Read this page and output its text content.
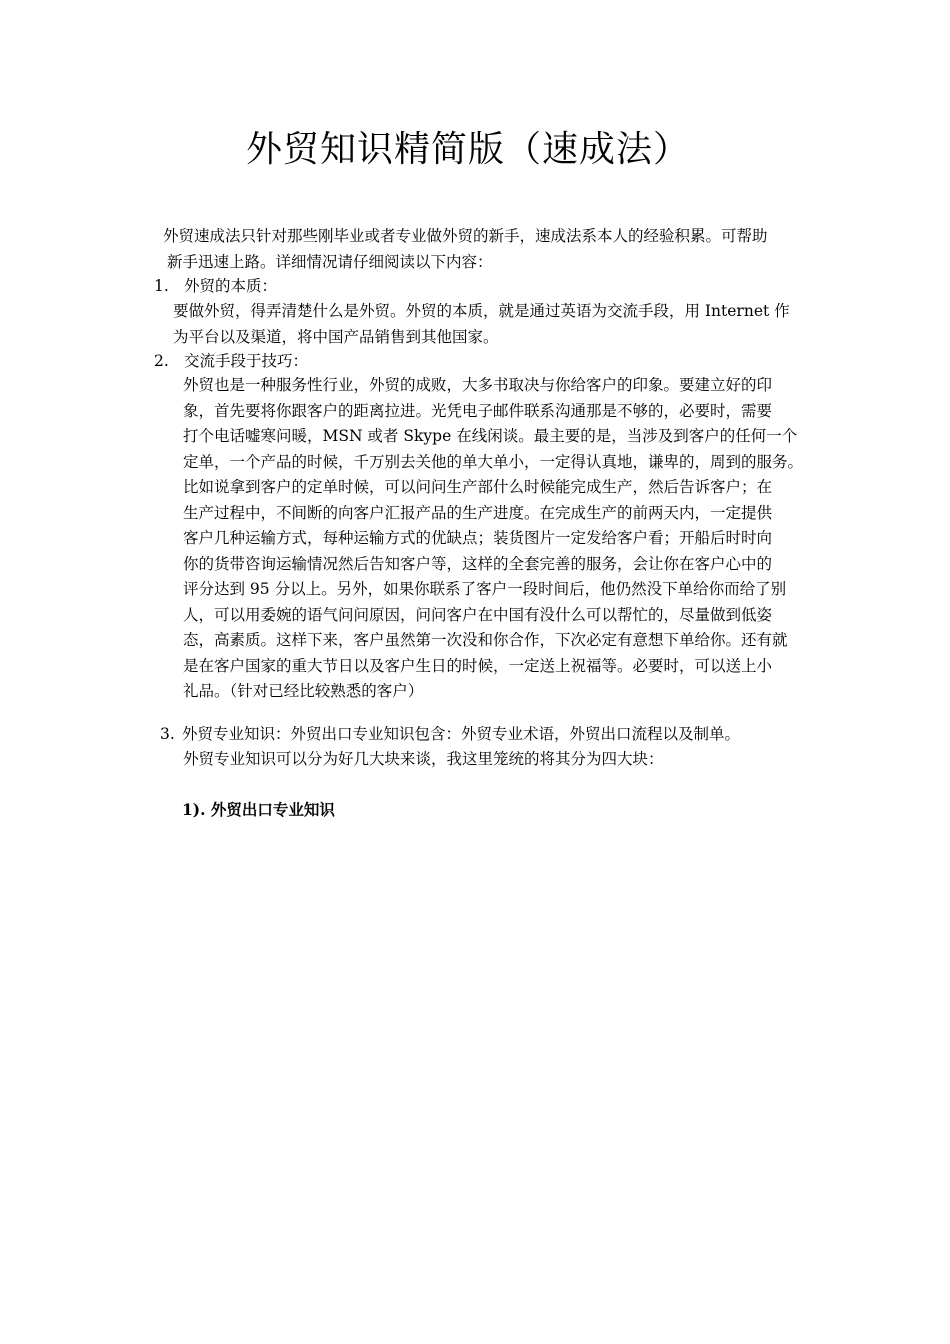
外贸知识精简版（速成法）
外贸速成法只针对那些刚毕业或者专业做外贸的新手，速成法系本人的经验积累。可帮助
新手迅速上路。详细情况请仔细阅读以下内容：
1. 外贸的本质：
要做外贸，得弄清楚什么是外贸。外贸的本质，就是通过英语为交流手段，用 Internet 作
为平台以及渠道，将中国产品销售到其他国家。
2. 交流手段于技巧：
外贸也是一种服务性行业，外贸的成败，大多书取决与你给客户的印象。要建立好的印
象，首先要将你跟客户的距离拉进。光凭电子邮件联系沟通那是不够的，必要时，需要
打个电话嘘寒问暖，MSN 或者 Skype 在线闲谈。最主要的是，当涉及到客户的任何一个
定单，一个产品的时候，千万别去关他的单大单小，一定得认真地，谦卑的，周到的服务。
比如说拿到客户的定单时候，可以问问生产部什么时候能完成生产，然后告诉客户；在
生产过程中，不间断的向客户汇报产品的生产进度。在完成生产的前两天内，一定提供
客户几种运输方式，每种运输方式的优缺点；装货图片一定发给客户看；开船后时时向
你的货带咨询运输情况然后告知客户等，这样的全套完善的服务，会让你在客户心中的
评分达到 95 分以上。另外，如果你联系了客户一段时间后，他仍然没下单给你而给了别
人，可以用委婉的语气问问原因，问问客户在中国有没什么可以帮忙的，尽量做到低姿
态，高素质。这样下来，客户虽然第一次没和你合作，下次必定有意想下单给你。还有就
是在客户国家的重大节日以及客户生日的时候，一定送上祝福等。必要时，可以送上小
礼品。（针对已经比较熟悉的客户）
3. 外贸专业知识：外贸出口专业知识包含：外贸专业术语，外贸出口流程以及制单。
外贸专业知识可以分为好几大块来谈，我这里笼统的将其分为四大块：
1). 外贸出口专业知识
